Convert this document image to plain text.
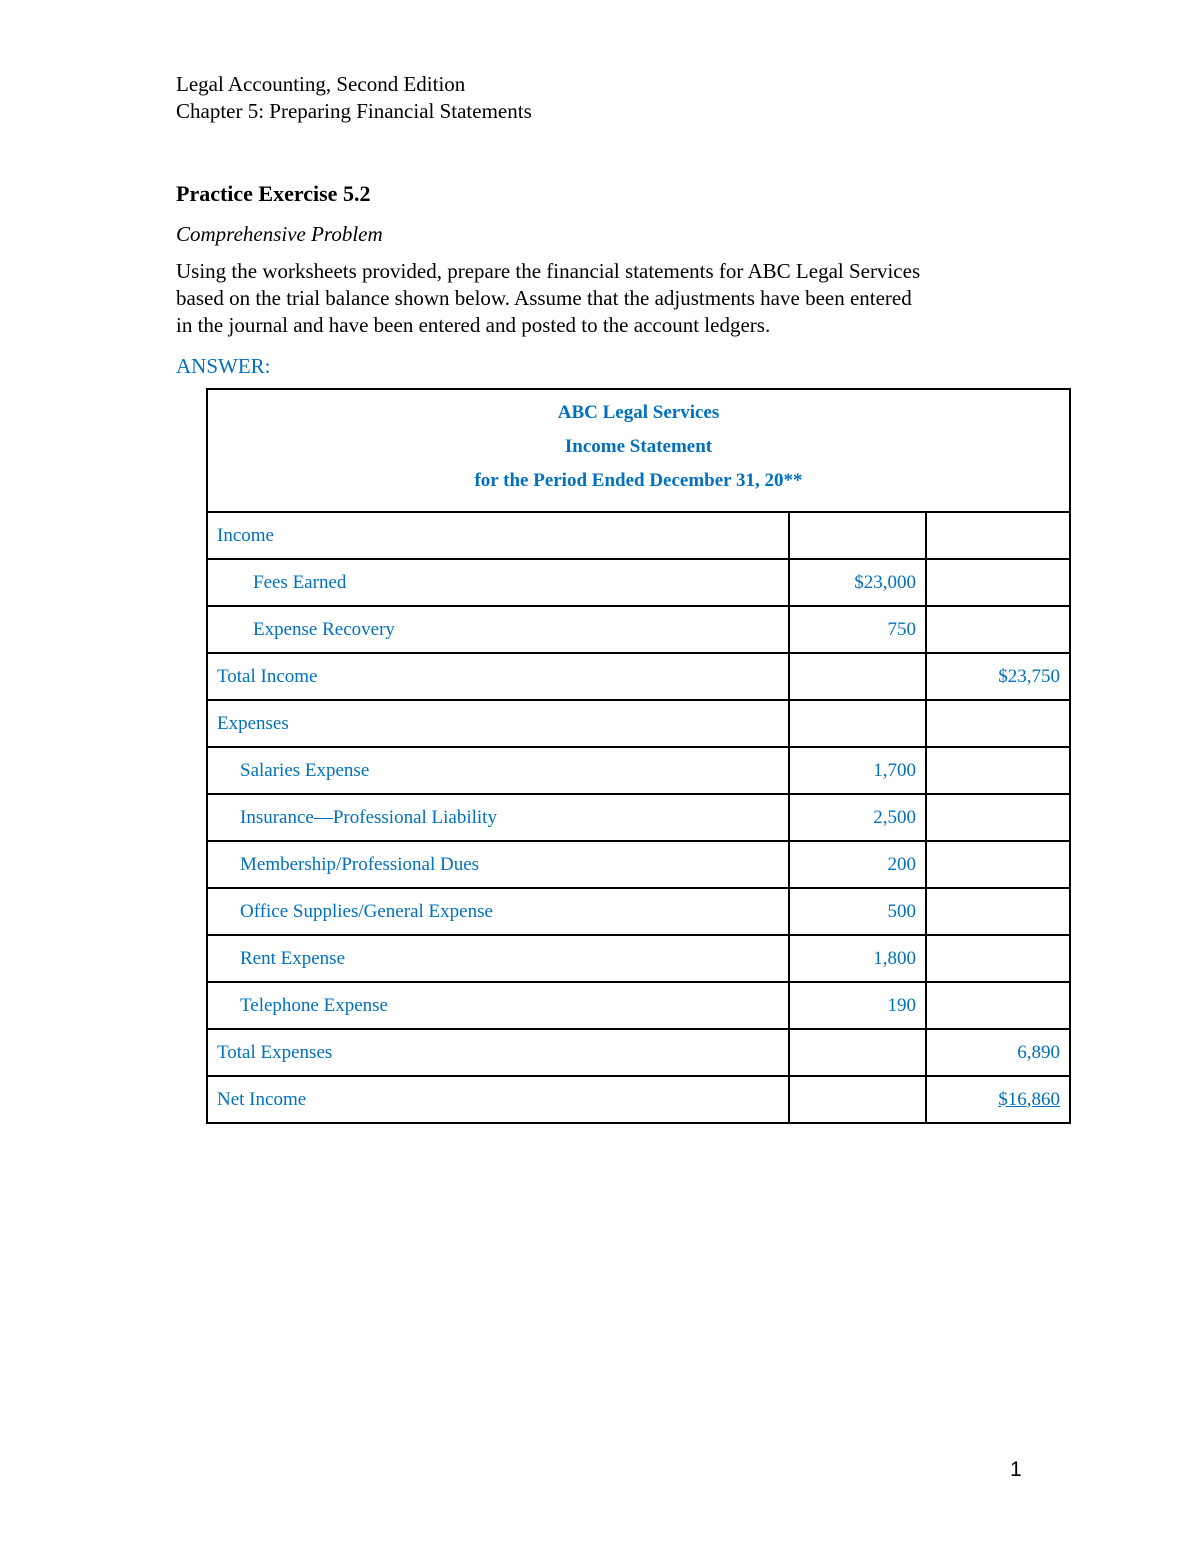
Legal Accounting, Second Edition
Chapter 5: Preparing Financial Statements
Practice Exercise 5.2
Comprehensive Problem
Using the worksheets provided, prepare the financial statements for ABC Legal Services
based on the trial balance shown below. Assume that the adjustments have been entered
in the journal and have been entered and posted to the account ledgers.
ANSWER:
ABC Legal Services
Income Statement
for the Period Ended December 31, 20**		

Income		
Fees Earned	$23,000	
Expense Recovery	750	
Total Income		$23,750
Expenses		
Salaries Expense	1,700	
Insurance—Professional Liability	2,500	
Membership/Professional Dues	200	
Office Supplies/General Expense	500	
Rent Expense	1,800	
Telephone Expense	190	
Total Expenses		6,890
Net Income		$16,860
1
